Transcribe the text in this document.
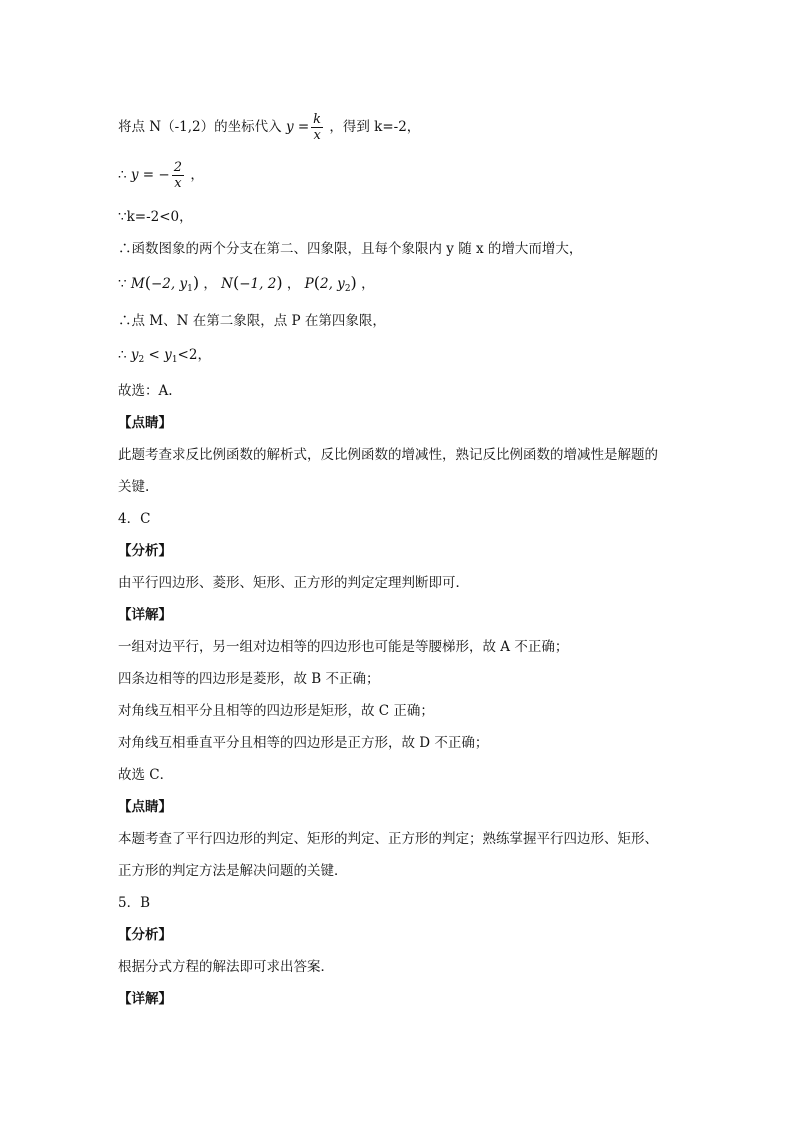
将点 N（-1,2）的坐标代入 $y = \frac{k}{x}$ ，得到 k=-2，
∴ y = − $\frac{2}{x}$ ，
∵k=-2<0，
∴函数图象的两个分支在第二、四象限，且每个象限内 y 随 x 的增大而增大，
∵ M(−2, $y_1$) ， N(−1, 2) ， P(2, $y_2$) ，
∴点 M、N 在第二象限，点 P 在第四象限，
∴ $y_2 < y_1<2$，
故选：A.
【点睛】
此题考查求反比例函数的解析式，反比例函数的增减性，熟记反比例函数的增减性是解题的
关键.
4．C
【分析】
由平行四边形、菱形、矩形、正方形的判定定理判断即可．
【详解】
一组对边平行，另一组对边相等的四边形也可能是等腰梯形，故 A 不正确；
四条边相等的四边形是菱形，故 B 不正确；
对角线互相平分且相等的四边形是矩形，故 C 正确；
对角线互相垂直平分且相等的四边形是正方形，故 D 不正确；
故选 C．
【点睛】
本题考查了平行四边形的判定、矩形的判定、正方形的判定；熟练掌握平行四边形、矩形、
正方形的判定方法是解决问题的关键．
5．B
【分析】
根据分式方程的解法即可求出答案．
【详解】
